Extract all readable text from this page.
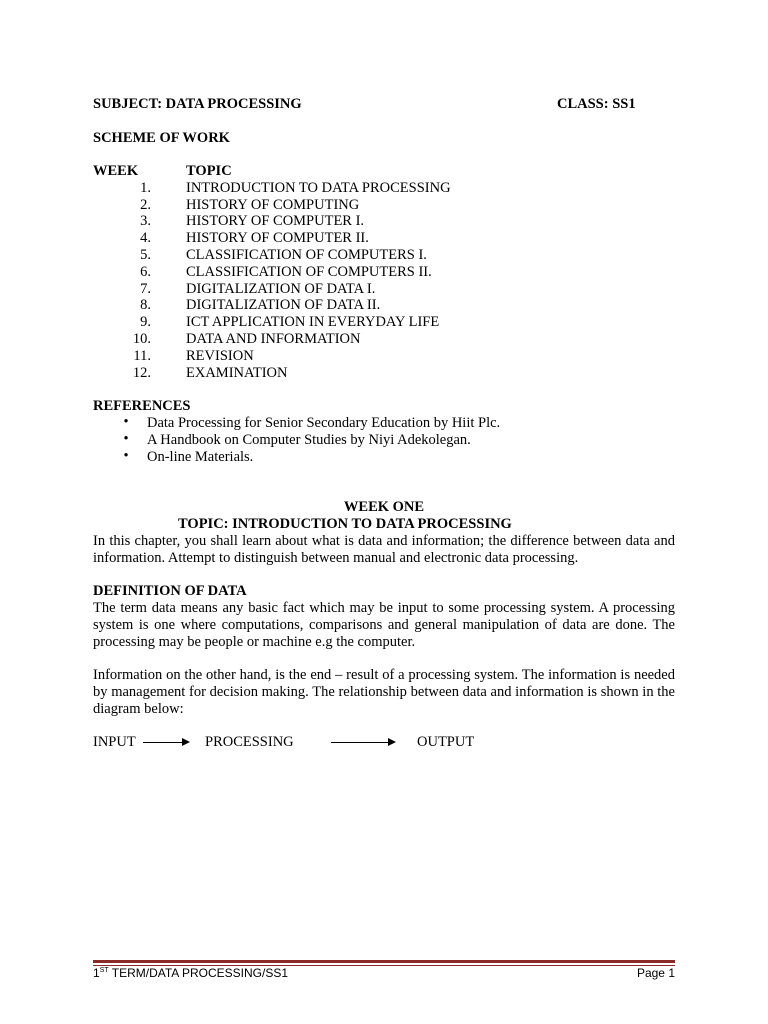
SUBJECT: DATA PROCESSING	CLASS: SS1
SCHEME OF WORK
WEEK	TOPIC
1. INTRODUCTION TO DATA PROCESSING
2. HISTORY OF COMPUTING
3. HISTORY OF COMPUTER I.
4. HISTORY OF COMPUTER II.
5. CLASSIFICATION OF COMPUTERS I.
6. CLASSIFICATION OF COMPUTERS II.
7. DIGITALIZATION OF DATA I.
8. DIGITALIZATION OF DATA II.
9. ICT APPLICATION IN EVERYDAY LIFE
10. DATA AND INFORMATION
11. REVISION
12. EXAMINATION
REFERENCES
• Data Processing for Senior Secondary Education by Hiit Plc.
• A Handbook on Computer Studies by Niyi Adekolegan.
• On-line Materials.
WEEK ONE
TOPIC: INTRODUCTION TO DATA PROCESSING
In this chapter, you shall learn about what is data and information; the difference between data and information. Attempt to distinguish between manual and electronic data processing.
DEFINITION OF DATA
The term data means any basic fact which may be input to some processing system. A processing system is one where computations, comparisons and general manipulation of data are done. The processing may be people or machine e.g the computer.
Information on the other hand, is the end – result of a processing system. The information is needed by management for decision making. The relationship between data and information is shown in the diagram below:
INPUT	PROCESSING	OUTPUT
1ST TERM/DATA PROCESSING/SS1	Page 1
